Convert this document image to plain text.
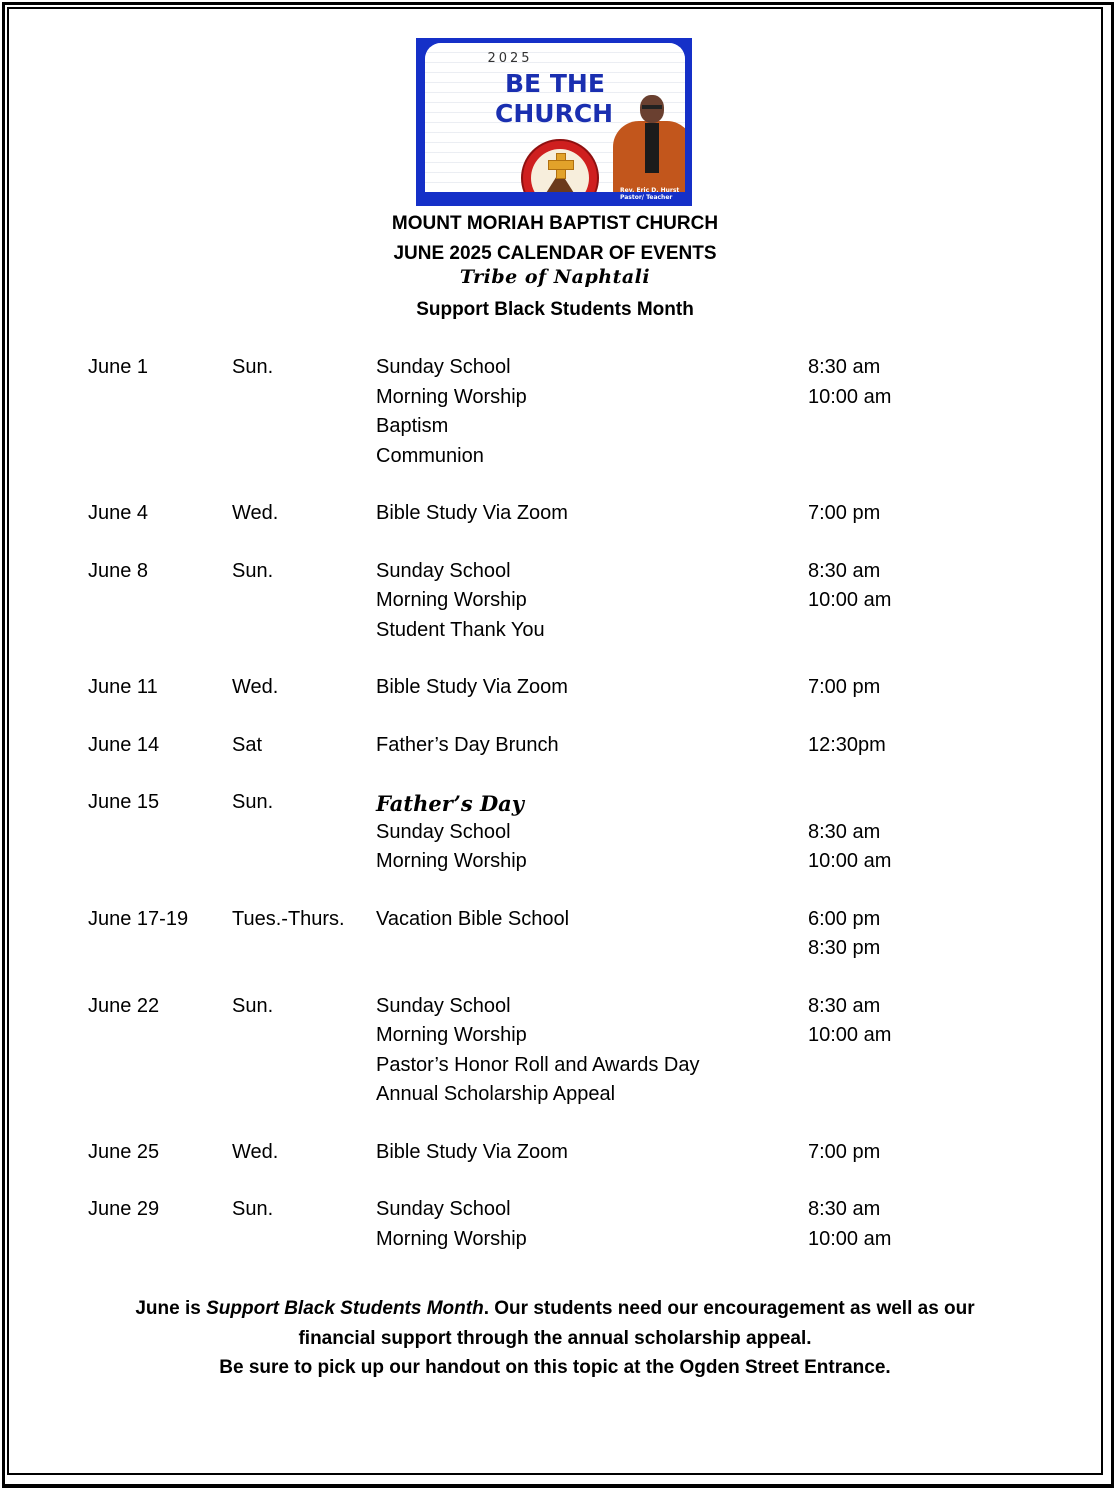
2025
BE THE
CHURCH
Rev. Eric D. Hurst
Pastor/ Teacher
MOUNT MORIAH BAPTIST CHURCH
JUNE 2025 CALENDAR OF EVENTS
Tribe of Naphtali
Support Black Students Month
June 1	Sun.	Sunday School	8:30 am
Morning Worship	10:00 am
Baptism
Communion
June 4	Wed.	Bible Study Via Zoom	7:00 pm
June 8	Sun.	Sunday School	8:30 am
Morning Worship	10:00 am
Student Thank You
June 11	Wed.	Bible Study Via Zoom	7:00 pm
June 14	Sat	Father’s Day Brunch	12:30pm
June 15	Sun.	Father’s Day
Sunday School	8:30 am
Morning Worship	10:00 am
June 17-19 Tues.-Thurs. Vacation Bible School	6:00 pm
8:30 pm
June 22	Sun.	Sunday School	8:30 am
Morning Worship	10:00 am
Pastor’s Honor Roll and Awards Day
Annual Scholarship Appeal
June 25	Wed.	Bible Study Via Zoom	7:00 pm
June 29	Sun.	Sunday School	8:30 am
Morning Worship	10:00 am
June is Support Black Students Month. Our students need our encouragement as well as our
financial support through the annual scholarship appeal.
Be sure to pick up our handout on this topic at the Ogden Street Entrance.
